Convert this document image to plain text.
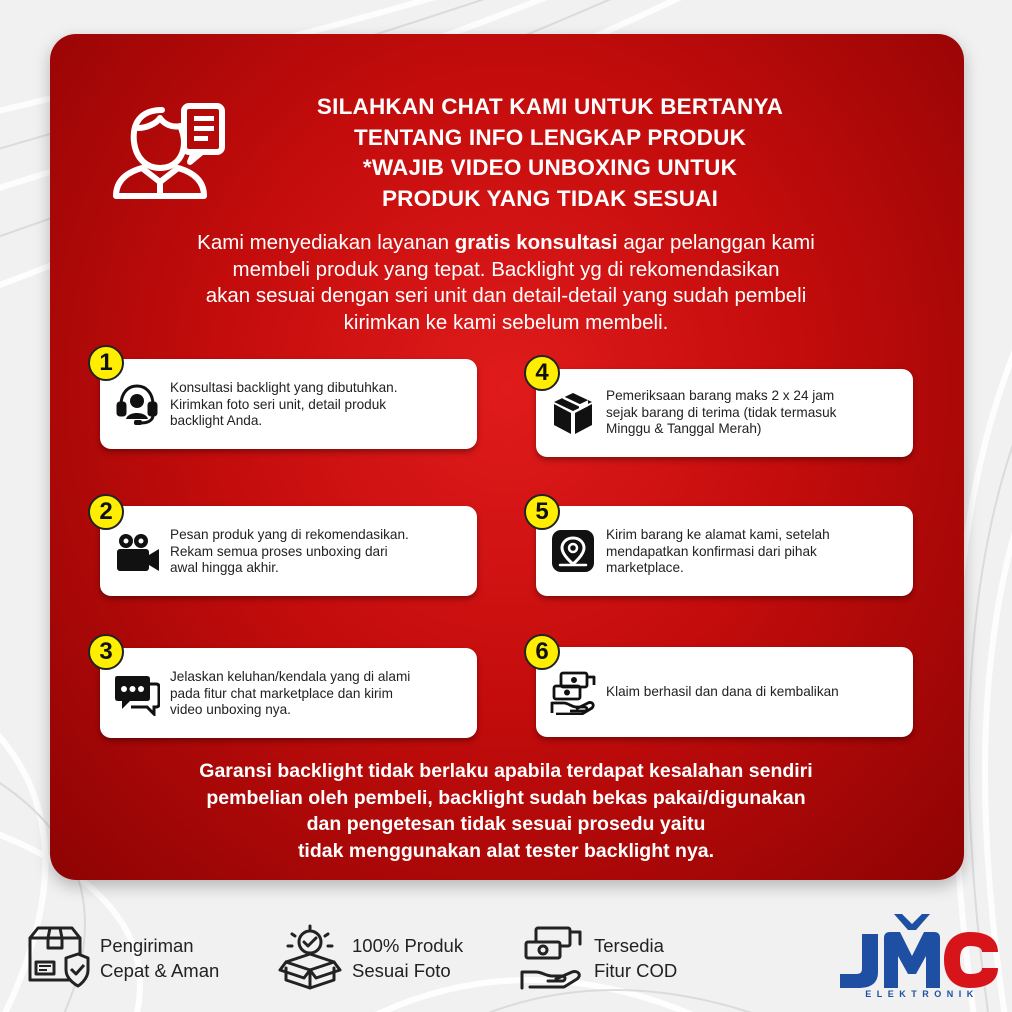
SILAHKAN CHAT KAMI UNTUK BERTANYA
TENTANG INFO LENGKAP PRODUK
*WAJIB VIDEO UNBOXING UNTUK
PRODUK YANG TIDAK SESUAI
Kami menyediakan layanan gratis konsultasi agar pelanggan kami
membeli produk yang tepat. Backlight yg di rekomendasikan
akan sesuai dengan seri unit dan detail-detail yang sudah pembeli
kirimkan ke kami sebelum membeli.
Konsultasi backlight yang dibutuhkan.
Kirimkan foto seri unit, detail produk
backlight Anda.
1
Pesan produk yang di rekomendasikan.
Rekam semua proses unboxing dari
awal hingga akhir.
2
Jelaskan keluhan/kendala yang di alami
pada fitur chat marketplace dan kirim
video unboxing nya.
3
Pemeriksaan barang maks 2 x 24 jam
sejak barang di terima (tidak termasuk
Minggu & Tanggal Merah)
4
Kirim barang ke alamat kami, setelah
mendapatkan konfirmasi dari pihak
marketplace.
5
Klaim berhasil dan dana di kembalikan
6
Garansi backlight tidak berlaku apabila terdapat kesalahan sendiri
pembelian oleh pembeli, backlight sudah bekas pakai/digunakan
dan pengetesan tidak sesuai prosedu yaitu
tidak menggunakan alat tester backlight nya.
Pengiriman
Cepat & Aman
100% Produk
Sesuai Foto
Tersedia
Fitur COD
ELEKTRONIK
